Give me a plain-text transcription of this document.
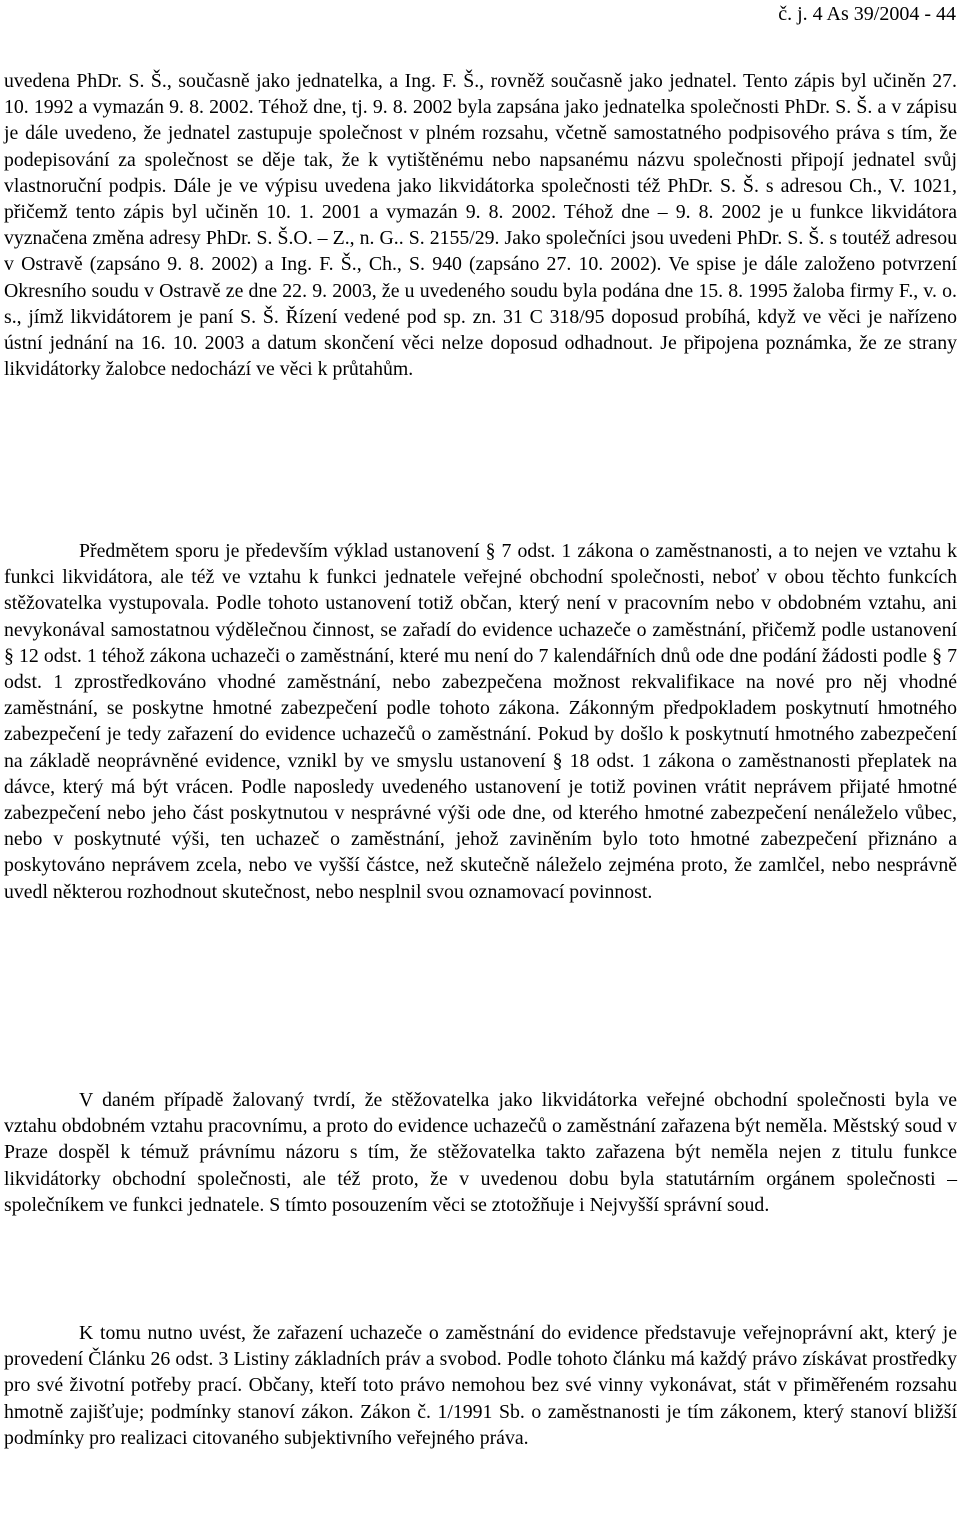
č. j. 4 As 39/2004 - 44

uvedena PhDr. S. Š., současně jako jednatelka, a Ing. F. Š., rovněž současně jako jednatel. Tento zápis byl učiněn 27. 10. 1992 a vymazán 9. 8. 2002. Téhož dne, tj. 9. 8. 2002 byla zapsána jako jednatelka společnosti PhDr. S. Š. a v zápisu je dále uvedeno, že jednatel zastupuje společnost v plném rozsahu, včetně samostatného podpisového práva s tím, že podepisování za společnost se děje tak, že k vytištěnému nebo napsanému názvu společnosti připojí jednatel svůj vlastnoruční podpis. Dále je ve výpisu uvedena jako likvidátorka společnosti též PhDr. S. Š. s adresou Ch., V. 1021, přičemž tento zápis byl učiněn 10. 1. 2001 a vymazán 9. 8. 2002. Téhož dne – 9. 8. 2002 je u funkce likvidátora vyznačena změna adresy PhDr. S. Š.O. – Z., n. G.. S. 2155/29. Jako společníci jsou uvedeni PhDr. S. Š. s toutéž adresou v Ostravě (zapsáno 9. 8. 2002) a Ing. F. Š., Ch., S. 940 (zapsáno 27. 10. 2002). Ve spise je dále založeno potvrzení Okresního soudu v Ostravě ze dne 22. 9. 2003, že u uvedeného soudu byla podána dne 15. 8. 1995 žaloba firmy F., v. o. s., jímž likvidátorem je paní S. Š. Řízení vedené pod sp. zn. 31 C 318/95 doposud probíhá, když ve věci je nařízeno ústní jednání na 16. 10. 2003 a datum skončení věci nelze doposud odhadnout. Je připojena poznámka, že ze strany likvidátorky žalobce nedochází ve věci k průtahům.

Předmětem sporu je především výklad ustanovení § 7 odst. 1 zákona o zaměstnanosti, a to nejen ve vztahu k funkci likvidátora, ale též ve vztahu k funkci jednatele veřejné obchodní společnosti, neboť v obou těchto funkcích stěžovatelka vystupovala. Podle tohoto ustanovení totiž občan, který není v pracovním nebo v obdobném vztahu, ani nevykonával samostatnou výdělečnou činnost, se zařadí do evidence uchazeče o zaměstnání, přičemž podle ustanovení § 12 odst. 1 téhož zákona uchazeči o zaměstnání, které mu není do 7 kalendářních dnů ode dne podání žádosti podle § 7 odst. 1 zprostředkováno vhodné zaměstnání, nebo zabezpečena možnost rekvalifikace na nové pro něj vhodné zaměstnání, se poskytne hmotné zabezpečení podle tohoto zákona. Zákonným předpokladem poskytnutí hmotného zabezpečení je tedy zařazení do evidence uchazečů o zaměstnání. Pokud by došlo k poskytnutí hmotného zabezpečení na základě neoprávněné evidence, vznikl by ve smyslu ustanovení § 18 odst. 1 zákona o zaměstnanosti přeplatek na dávce, který má být vrácen. Podle naposledy uvedeného ustanovení je totiž povinen vrátit neprávem přijaté hmotné zabezpečení nebo jeho část poskytnutou v nesprávné výši ode dne, od kterého hmotné zabezpečení nenáleželo vůbec, nebo v poskytnuté výši, ten uchazeč o zaměstnání, jehož zaviněním bylo toto hmotné zabezpečení přiznáno a poskytováno neprávem zcela, nebo ve vyšší částce, než skutečně náleželo zejména proto, že zamlčel, nebo nesprávně uvedl některou rozhodnout skutečnost, nebo nesplnil svou oznamovací povinnost.

V daném případě žalovaný tvrdí, že stěžovatelka jako likvidátorka veřejné obchodní společnosti byla ve vztahu obdobném vztahu pracovnímu, a proto do evidence uchazečů o zaměstnání zařazena být neměla. Městský soud v Praze dospěl k témuž právnímu názoru s tím, že stěžovatelka takto zařazena být neměla nejen z titulu funkce likvidátorky obchodní společnosti, ale též proto, že v uvedenou dobu byla statutárním orgánem společnosti – společníkem ve funkci jednatele. S tímto posouzením věci se ztotožňuje i Nejvyšší správní soud.

K tomu nutno uvést, že zařazení uchazeče o zaměstnání do evidence představuje veřejnoprávní akt, který je provedení Článku 26 odst. 3 Listiny základních práv a svobod. Podle tohoto článku má každý právo získávat prostředky pro své životní potřeby prací. Občany, kteří toto právo nemohou bez své vinny vykonávat, stát v přiměřeném rozsahu hmotně zajišťuje; podmínky stanoví zákon. Zákon č. 1/1991 Sb. o zaměstnanosti je tím zákonem, který stanoví bližší podmínky pro realizaci citovaného subjektivního veřejného práva.
